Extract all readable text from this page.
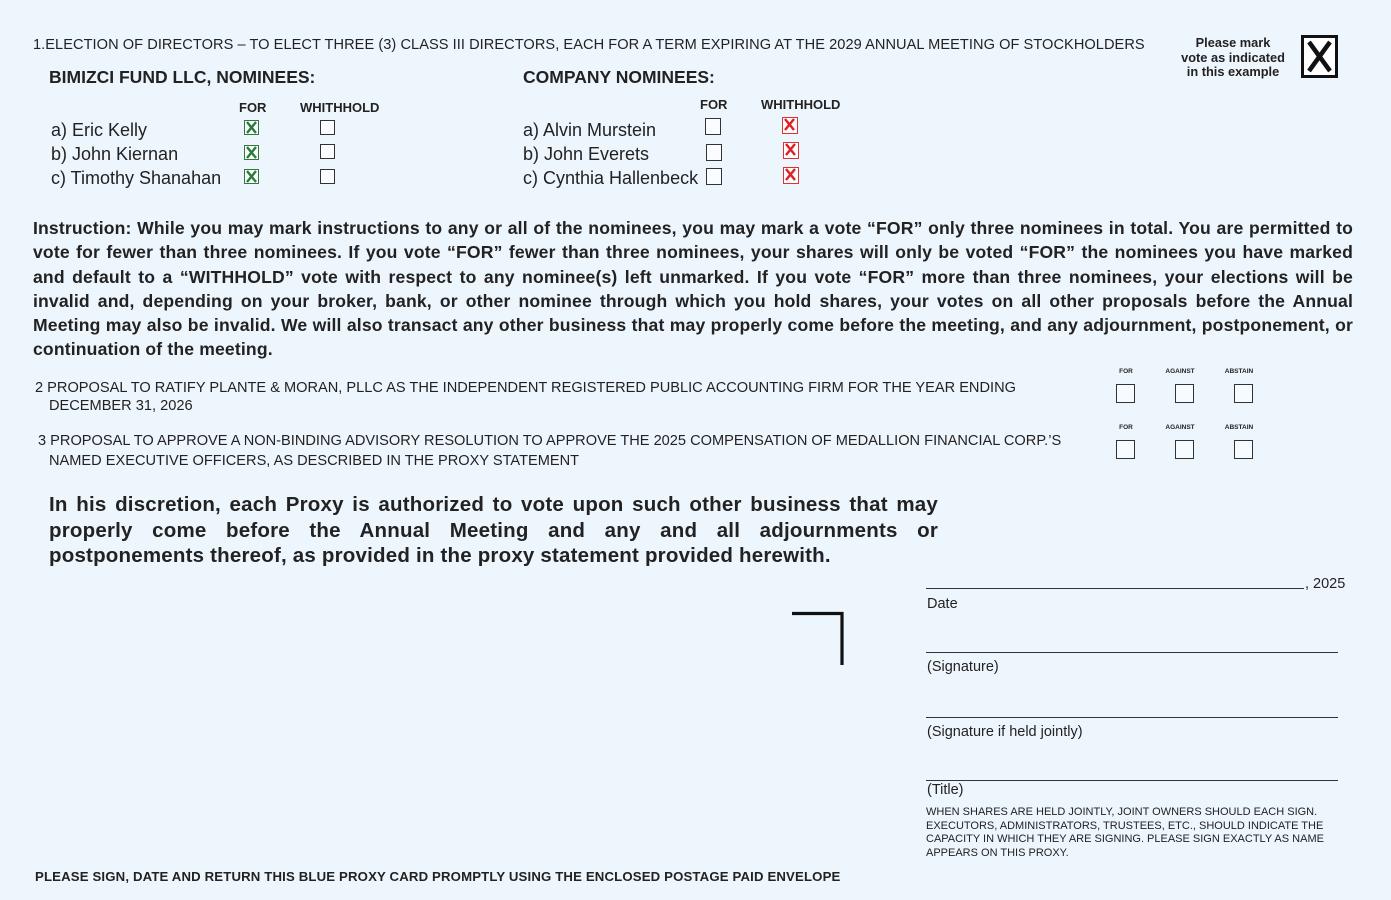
1.ELECTION OF DIRECTORS – TO ELECT THREE (3) CLASS III DIRECTORS, EACH FOR A TERM EXPIRING AT THE 2029 ANNUAL MEETING OF STOCKHOLDERS	Please mark
vote as indicated
in this example
BIMIZCI FUND LLC, NOMINEES:
FOR	WHITHHOLD
a) Eric Kelly
b) John Kiernan
c) Timothy Shanahan
COMPANY NOMINEES:
FOR	WHITHHOLD
a) Alvin Murstein
b) John Everets
c) Cynthia Hallenbeck
Instruction: While you may mark instructions to any or all of the nominees, you may mark a vote “FOR” only three nominees in total. You are permitted to vote for fewer than three nominees. If you vote “FOR” fewer than three nominees, your shares will only be voted “FOR” the nominees you have marked and default to a “WITHHOLD” vote with respect to any nominee(s) left unmarked. If you vote “FOR” more than three nominees, your elections will be invalid and, depending on your broker, bank, or other nominee through which you hold shares, your votes on all other proposals before the Annual Meeting may also be invalid. We will also transact any other business that may properly come before the meeting, and any adjournment, postponement, or continuation of the meeting.
2 PROPOSAL TO RATIFY PLANTE & MORAN, PLLC AS THE INDEPENDENT REGISTERED PUBLIC ACCOUNTING FIRM FOR THE YEAR ENDING
DECEMBER 31, 2026
FOR	AGAINST	ABSTAIN
3 PROPOSAL TO APPROVE A NON-BINDING ADVISORY RESOLUTION TO APPROVE THE 2025 COMPENSATION OF MEDALLION FINANCIAL CORP.’S
NAMED EXECUTIVE OFFICERS, AS DESCRIBED IN THE PROXY STATEMENT
FOR	AGAINST	ABSTAIN
In his discretion, each Proxy is authorized to vote upon such other business that may properly come before the Annual Meeting and any and all adjournments or postponements thereof, as provided in the proxy statement provided herewith.
, 2025
Date
(Signature)
(Signature if held jointly)
(Title)
WHEN SHARES ARE HELD JOINTLY, JOINT OWNERS SHOULD EACH SIGN. EXECUTORS, ADMINISTRATORS, TRUSTEES, ETC., SHOULD INDICATE THE CAPACITY IN WHICH THEY ARE SIGNING. PLEASE SIGN EXACTLY AS NAME APPEARS ON THIS PROXY.
PLEASE SIGN, DATE AND RETURN THIS BLUE PROXY CARD PROMPTLY USING THE ENCLOSED POSTAGE PAID ENVELOPE
